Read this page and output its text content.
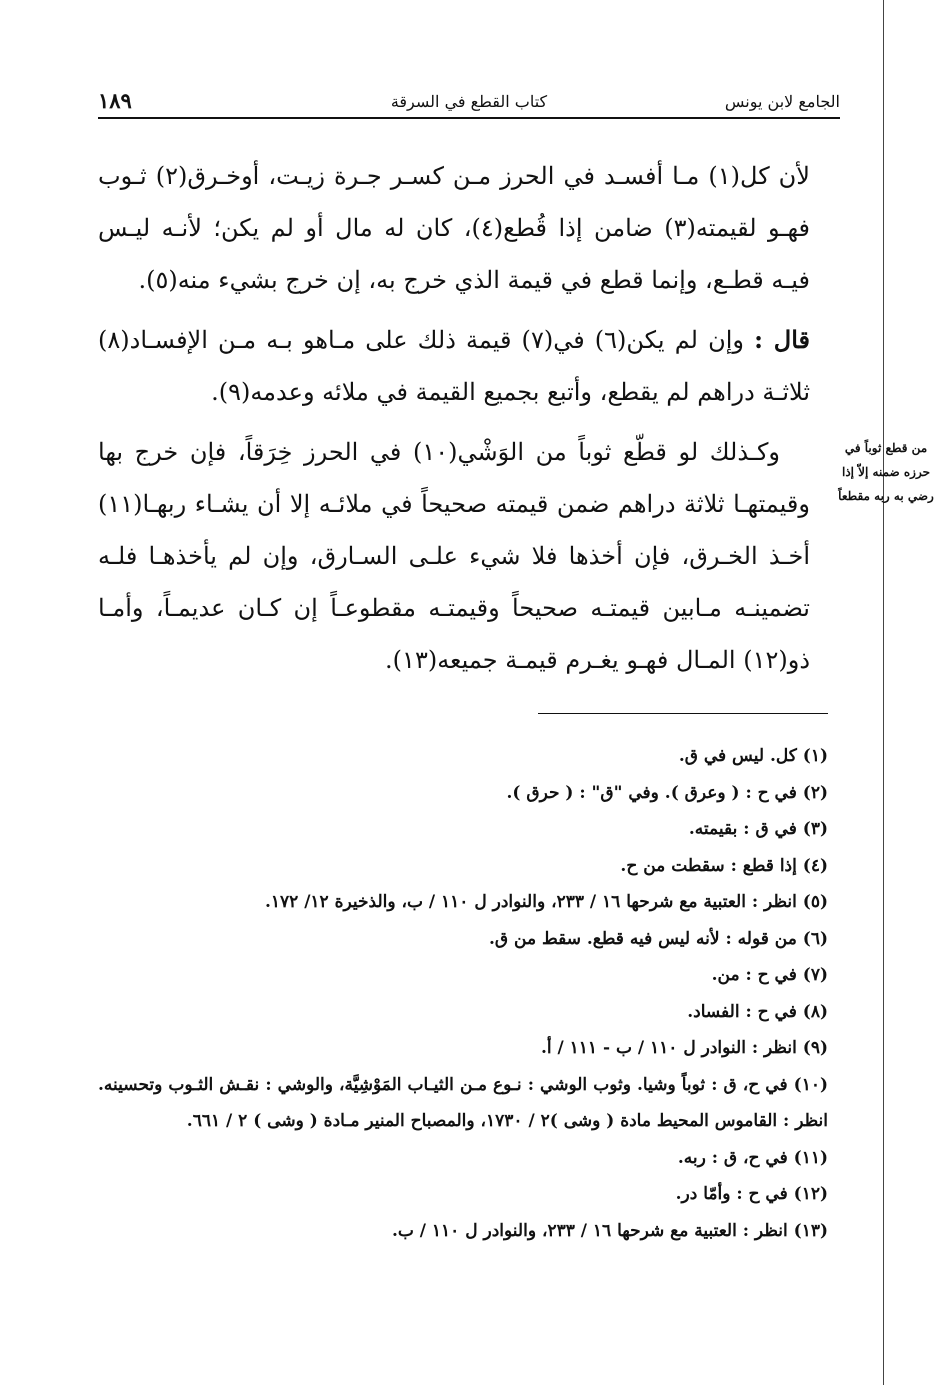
الجامع لابن يونس
كتاب القطع في السرقة
١٨٩

لأن كل(١) مـا أفسـد في الحرز مـن كسـر جـرة زيـت، أوخـرق(٢) ثـوب فهـو لقيمته(٣) ضامن إذا قُطع(٤)، كان له مال أو لم يكن؛ لأنـه ليـس فيـه قطـع، وإنما قطع في قيمة الذي خرج به، إن خرج بشيء منه(٥).

قال : وإن لم يكن(٦) في(٧) قيمة ذلك على مـاهو بـه مـن الإفسـاد(٨) ثلاثـة دراهم لم يقطع، وأتبع بجميع القيمة في ملائه وعدمه(٩).

وكـذلك لو قطّع ثوباً من الوَشْي(١٠) في الحرز خِرَقاً، فإن خرج بها وقيمتهـا ثلاثة دراهم ضمن قيمته صحيحاً في ملائـه إلا أن يشـاء ربهـا(١١) أخـذ الخـرق، فإن أخذها فلا شيء علـى السـارق، وإن لم يأخذهـا فلـه تضمينـه مـابين قيمتـه صحيحاً وقيمتـه مقطوعـاً إن كـان عديمـاً، وأمـا ذو(١٢) المـال فهـو يغـرم قيمـة جميعه(١٣).

من قطع ثوباً في
حرزه ضمنه إلاّ إذا
رضي به ربه مقطعاً

(١) كل. ليس في ق.

(٢) في ح : ( وعرق ). وفي "ق" : ( حرق ).

(٣) في ق : بقيمته.

(٤) إذا قطع : سقطت من ح.

(٥) انظر : العتبية مع شرحها ١٦ / ٢٣٣، والنوادر ل ١١٠ / ب، والذخيرة ١٢/ ١٧٢.

(٦) من قوله : لأنه ليس فيه قطع. سقط من ق.

(٧) في ح : من.

(٨) في ح : الفساد.

(٩) انظر : النوادر ل ١١٠ / ب - ١١١ / أ.

(١٠) في ح، ق : ثوباً وشيا. وثوب الوشي : نـوع مـن الثيـاب المَوْشِيَّة، والوشي : نقـش الثـوب وتحسينه. انظر : القاموس المحيط مادة ( وشى )٢ / ١٧٣٠، والمصباح المنير مـادة ( وشى ) ٢ / ٦٦١.

(١١) في ح، ق : ربه.

(١٢) في ح : وأمّا در.

(١٣) انظر : العتبية مع شرحها ١٦ / ٢٣٣، والنوادر ل ١١٠ / ب.
